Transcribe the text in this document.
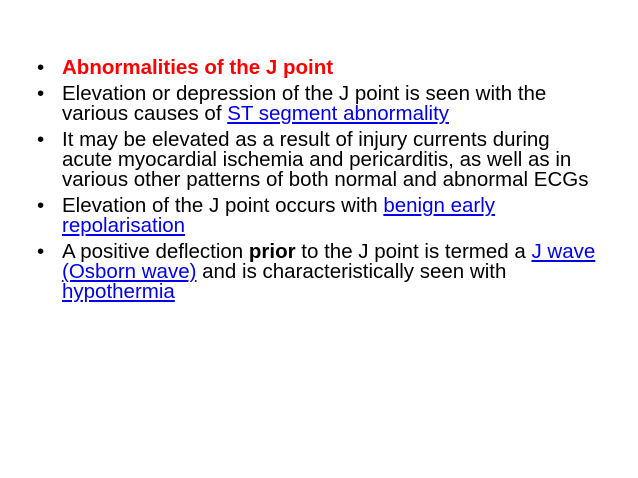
• Abnormalities of the J point
• Elevation or depression of the J point is seen with the various causes of ST segment abnormality
• It may be elevated as a result of injury currents during acute myocardial ischemia and pericarditis, as well as in various other patterns of both normal and abnormal ECGs
• Elevation of the J point occurs with benign early repolarisation
• A positive deflection prior to the J point is termed a J wave (Osborn wave) and is characteristically seen with hypothermia
